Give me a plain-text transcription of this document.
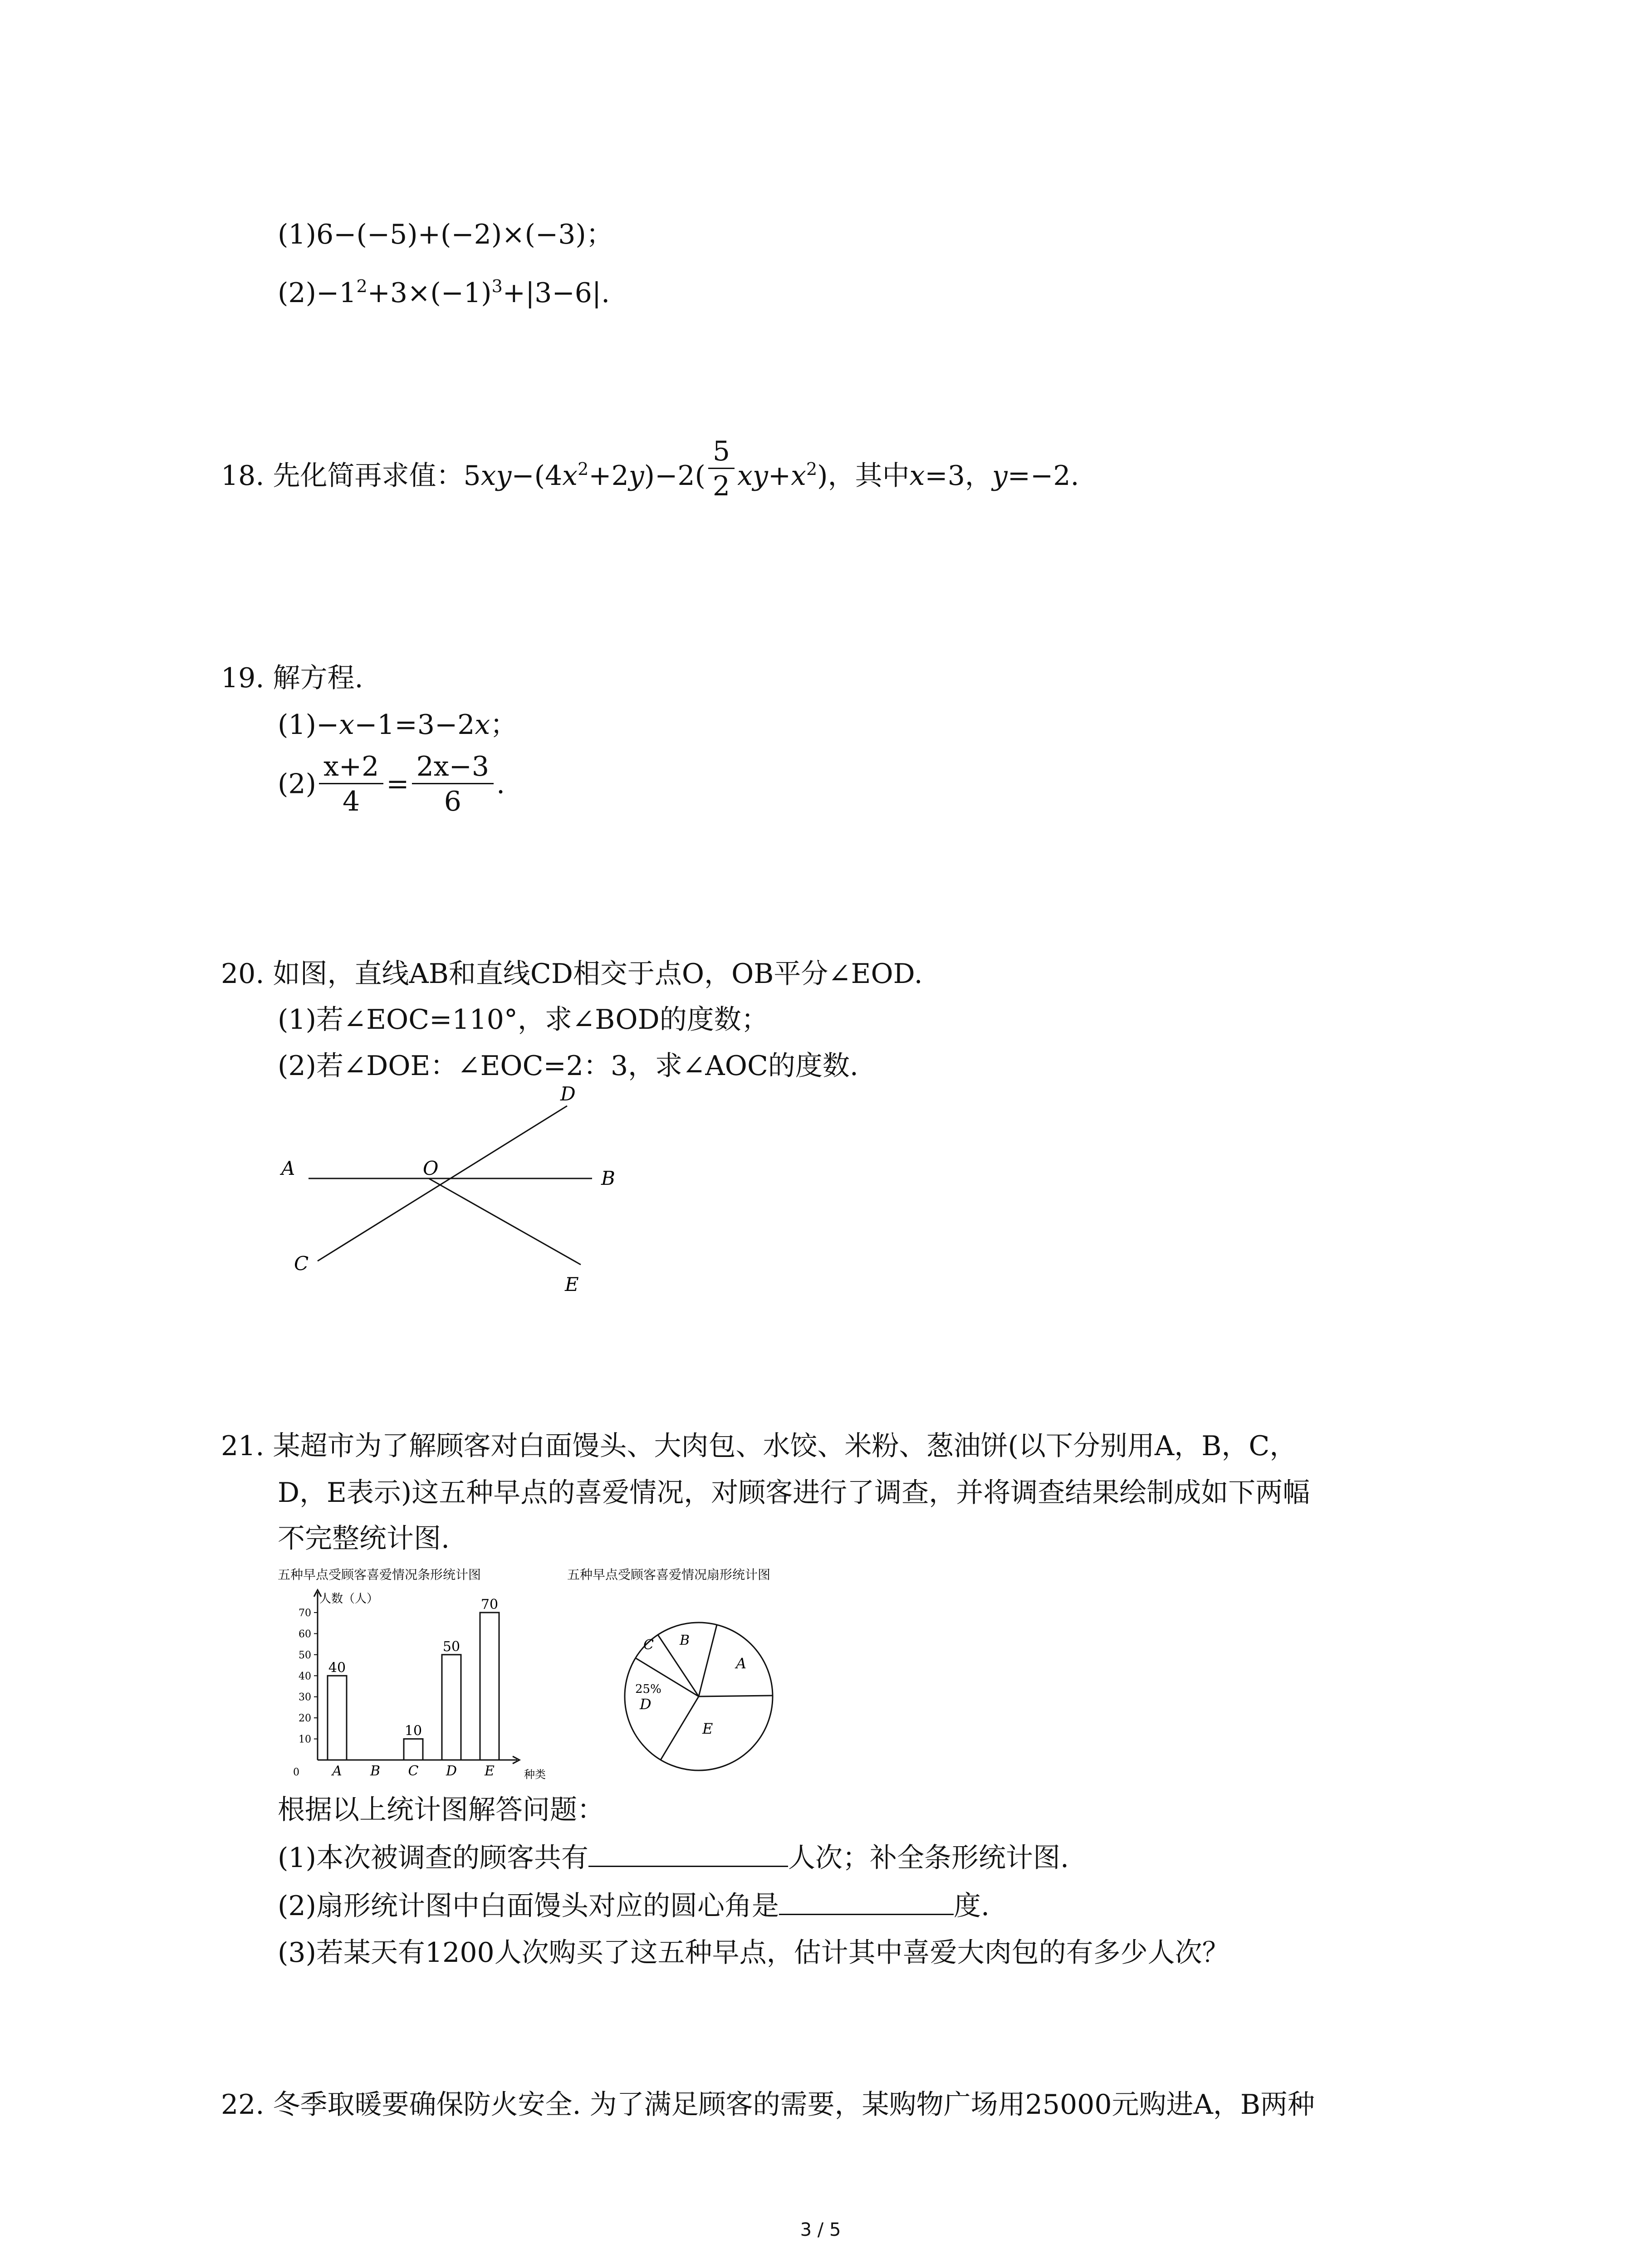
(1)6−(−5)+(−2)×(−3)；
$(2)-1^2+3\times(-1)^3+|3-6|$.
18. 先化简再求值：$5xy-(4x^2+2y)-2( \frac{5}{2} xy+x^2)$，其中x=3，y=−2.
19. 解方程.
(1)−x−1=3−2x；
$(2) \frac{x+2}{4} = \frac{2x-3}{6}$ .
20. 如图，直线AB和直线CD相交于点O，OB平分∠EOD.
(1)若∠EOC=110°，求∠BOD的度数；
(2)若∠DOE：∠EOC=2：3，求∠AOC的度数.
A	O	B
C
D
E
21. 某超市为了解顾客对白面馒头、大肉包、水饺、米粉、葱油饼(以下分别用A，B，C，
D，E表示)这五种早点的喜爱情况，对顾客进行了调查，并将调查结果绘制成如下两幅
不完整统计图.
五种早点受顾客喜爱情况条形统计图	五种早点受顾客喜爱情况扇形统计图
人数（人）
种类
0
10
20
30
40
50
60
70
40
A B
10
C
50
D
70
E
C B
A
25%
D
E
根据以上统计图解答问题：
(1)本次被调查的顾客共有	人次；补全条形统计图.
(2)扇形统计图中白面馒头对应的圆心角是	度.
(3)若某天有1200人次购买了这五种早点，估计其中喜爱大肉包的有多少人次？
22. 冬季取暖要确保防火安全. 为了满足顾客的需要，某购物广场用25000元购进A，B两种
3 / 5
